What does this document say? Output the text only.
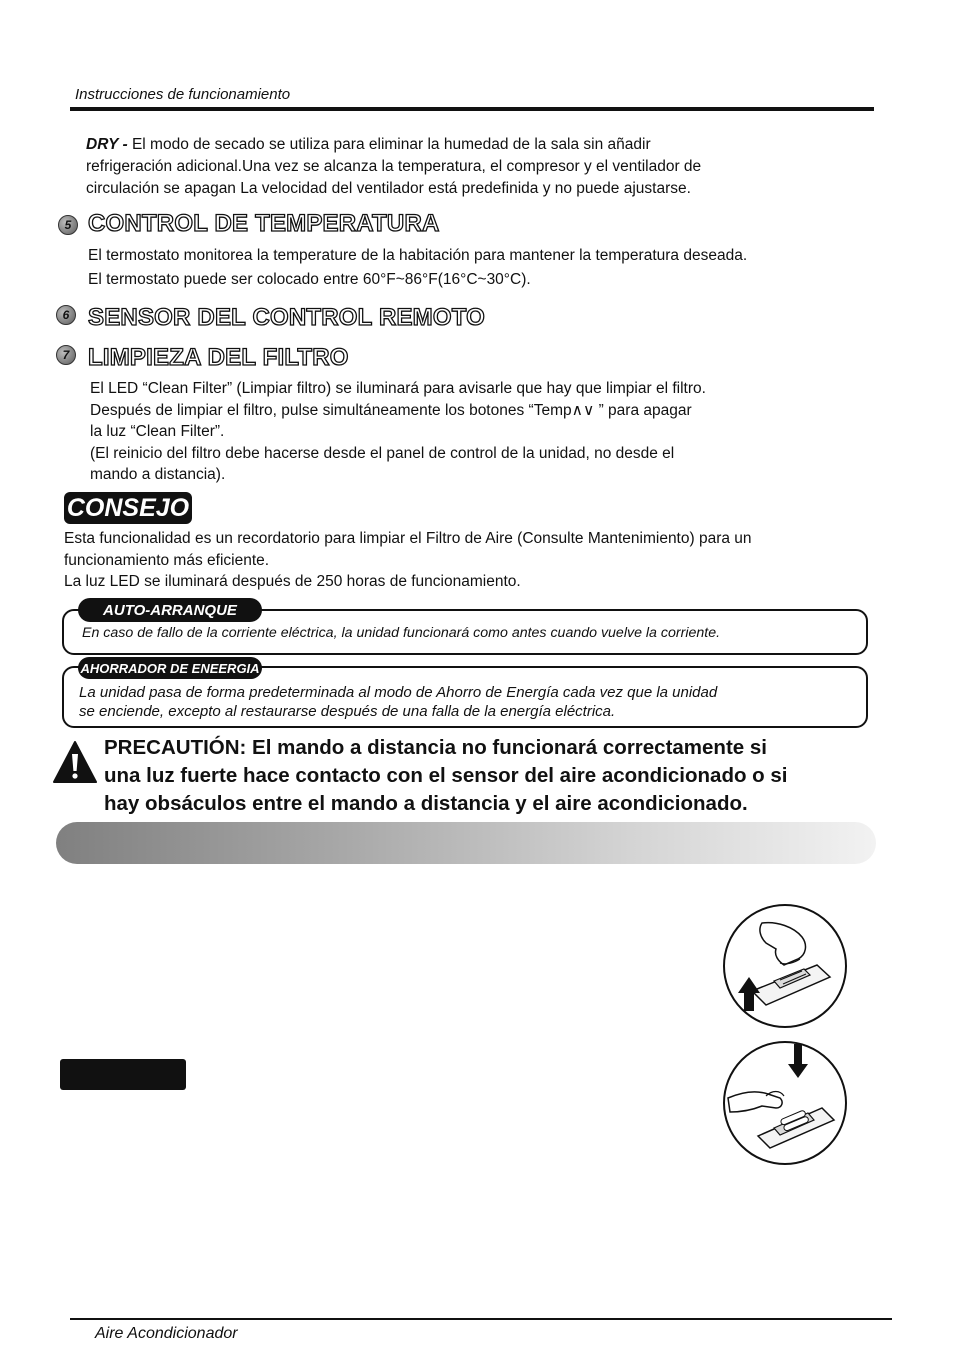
Instrucciones de funcionamiento
DRY - El modo de secado se utiliza para eliminar la humedad de la sala sin añadir
refrigeración adicional.Una vez se alcanza la temperatura, el compresor y el ventilador de
circulación se apagan La velocidad del ventilador está predefinida y no puede ajustarse.
5 CONTROL DE TEMPERATURA
El termostato monitorea la temperature de la habitación para mantener la temperatura deseada.
El termostato puede ser colocado entre 60°F~86°F(16°C~30°C).
6 SENSOR DEL CONTROL REMOTO
7 LIMPIEZA DEL FILTRO
El LED “Clean Filter” (Limpiar filtro) se iluminará para avisarle que hay que limpiar el filtro.
Después de limpiar el filtro, pulse simultáneamente los botones “Temp∧∨ ” para apagar
la luz “Clean Filter”.
(El reinicio del filtro debe hacerse desde el panel de control de la unidad, no desde el
mando a distancia).
CONSEJO
Esta funcionalidad es un recordatorio para limpiar el Filtro de Aire (Consulte Mantenimiento) para un
funcionamiento más eficiente.
La luz LED se iluminará después de 250 horas de funcionamiento.
AUTO-ARRANQUE
En caso de fallo de la corriente eléctrica, la unidad funcionará como antes cuando vuelve la corriente.
AHORRADOR DE ENEERGIA
La unidad pasa de forma predeterminada al modo de Ahorro de Energía cada vez que la unidad
se enciende, excepto al restaurarse después de una falla de la energía eléctrica.
PRECAUTIÓN: El mando a distancia no funcionará correctamente si
una luz fuerte hace contacto con el sensor del aire acondicionado o si
hay obsáculos entre el mando a distancia y el aire acondicionado.
Aire Acondicionador
